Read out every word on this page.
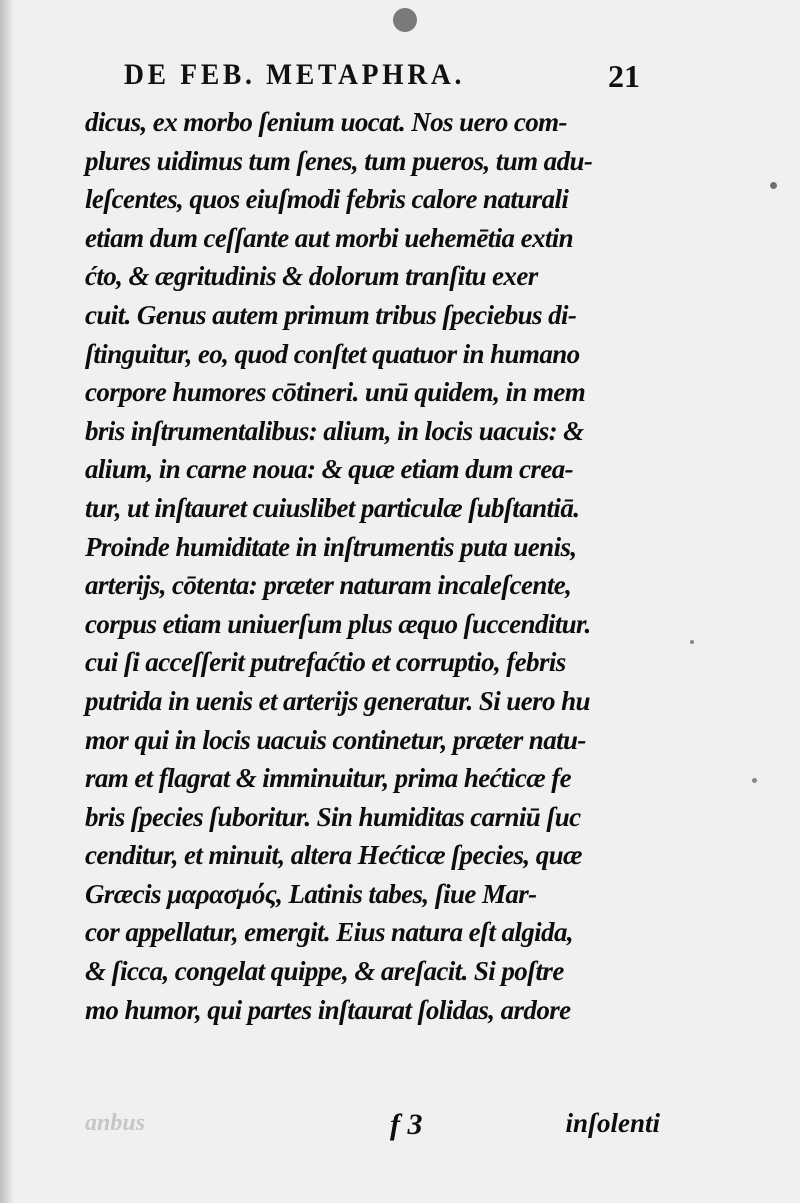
DE FEB. METAPHRA.	21
dicus, ex morbo ſenium uocat. Nos uero com-
plures uidimus tum ſenes, tum pueros, tum adu-
leſcentes, quos eiuſmodi febris calore naturali
etiam dum ceſſante aut morbi uehemētia extin
ćto, & ægritudinis & dolorum tranſitu exer
cuit. Genus autem primum tribus ſpeciebus di-
ſtinguitur, eo, quod conſtet quatuor in humano
corpore humores cōtineri. unū quidem, in mem
bris inſtrumentalibus: alium, in locis uacuis: &
alium, in carne noua: & quæ etiam dum crea-
tur, ut inſtauret cuiuslibet particulæ ſubſtantiā.
Proinde humiditate in inſtrumentis puta uenis,
arterijs, cōtenta: præter naturam incaleſcente,
corpus etiam uniuerſum plus æquo ſuccenditur.
cui ſi acceſſerit putrefaćtio et corruptio, febris
putrida in uenis et arterijs generatur. Si uero hu
mor qui in locis uacuis continetur, præter natu-
ram et flagrat & imminuitur, prima hećticæ fe
bris ſpecies ſuboritur. Sin humiditas carniū ſuc
cenditur, et minuit, altera Hećticæ ſpecies, quæ
Græcis μαρασμός, Latinis tabes, ſiue Mar-
cor appellatur, emergit. Eius natura eſt algida,
& ſicca, congelat quippe, & areſacit. Si poſtre
mo humor, qui partes inſtaurat ſolidas, ardore
anbus	f 3	inſolenti
